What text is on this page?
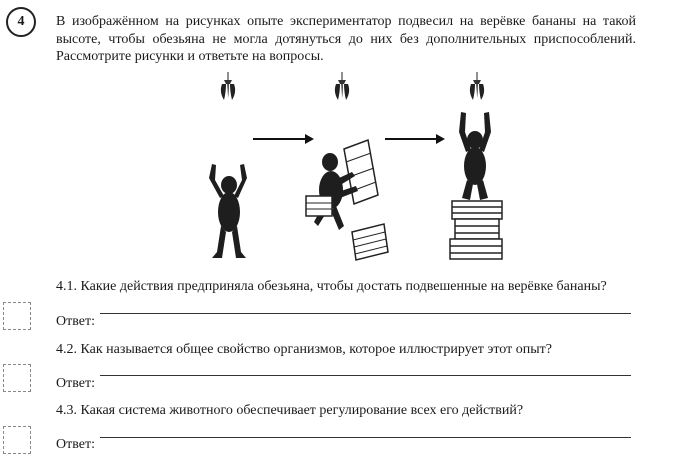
4	В изображённом на рисунках опыте экспериментатор подвесил на верёвке бананы на такой высоте, чтобы обезьяна не могла дотянуться до них без дополнительных приспособлений. Рассмотрите рисунки и ответьте на вопросы.
4.1. Какие действия предприняла обезьяна, чтобы достать подвешенные на верёвке бананы?
Ответ:
4.2. Как называется общее свойство организмов, которое иллюстрирует этот опыт?
Ответ:
4.3. Какая система животного обеспечивает регулирование всех его действий?
Ответ:
